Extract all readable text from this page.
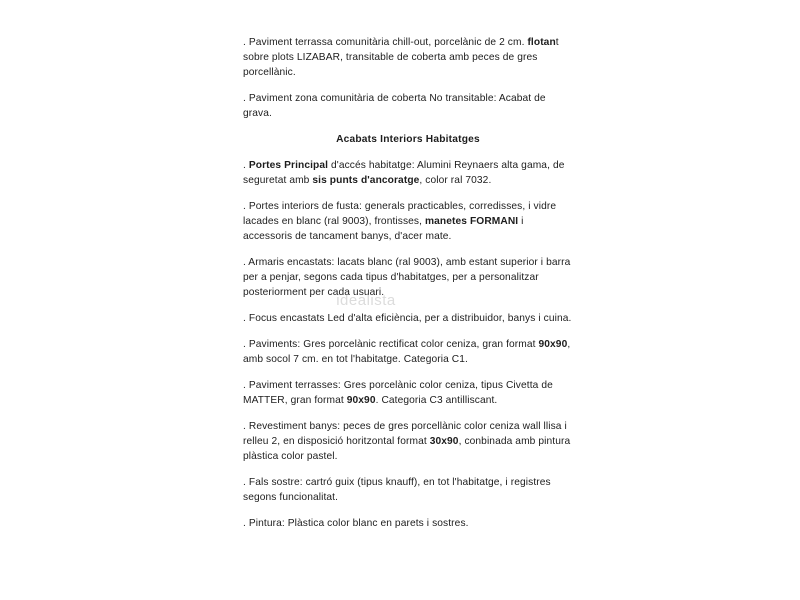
. Paviment terrassa comunitària chill-out, porcelànic de 2 cm. flotant sobre plots LIZABAR, transitable de coberta amb peces de gres porcellànic.

. Paviment zona comunitària de coberta No transitable: Acabat de grava.

Acabats Interiors Habitatges

. Portes Principal d'accés habitatge: Alumini Reynaers alta gama, de seguretat amb sis punts d'ancoratge, color ral 7032.

. Portes interiors de fusta: generals practicables, corredisses, i vidre lacades en blanc (ral 9003), frontisses, manetes FORMANI i accessoris de tancament banys, d'acer mate.

. Armaris encastats: lacats blanc (ral 9003), amb estant superior i barra per a penjar, segons cada tipus d'habitatges, per a personalitzar posteriorment per cada usuari.

. Focus encastats Led d'alta eficiència, per a distribuidor, banys i cuina.

. Paviments: Gres porcelànic rectificat color ceniza, gran format 90x90, amb socol 7 cm. en tot l'habitatge. Categoria C1.

. Paviment terrasses: Gres porcelànic color ceniza, tipus Civetta de MATTER, gran format 90x90. Categoria C3 antilliscant.

. Revestiment banys: peces de gres porcellànic color ceniza wall llisa i relleu 2, en disposició horitzontal format 30x90, conbinada amb pintura plàstica color pastel.

. Fals sostre: cartró guix (tipus knauff), en tot l'habitatge, i registres segons funcionalitat.

. Pintura: Plàstica color blanc en parets i sostres.

idealista
